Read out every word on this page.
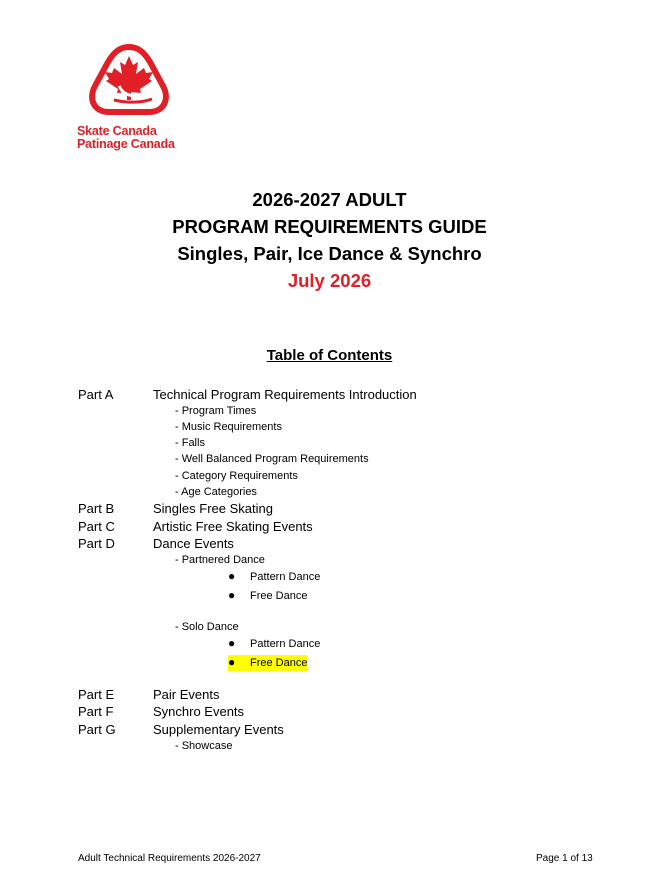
Skate Canada
Patinage Canada
2026-2027 ADULT
PROGRAM REQUIREMENTS GUIDE
Singles, Pair, Ice Dance & Synchro
July 2026
Table of Contents
Part A	Technical Program Requirements Introduction
- Program Times
- Music Requirements
- Falls
- Well Balanced Program Requirements
- Category Requirements
- Age Categories
Part B	Singles Free Skating
Part C	Artistic Free Skating Events
Part D	Dance Events
- Partnered Dance
● Pattern Dance
● Free Dance
- Solo Dance
● Pattern Dance
● Free Dance
Part E	Pair Events
Part F	Synchro Events
Part G	Supplementary Events
- Showcase
Adult Technical Requirements 2026-2027	Page 1 of 13
